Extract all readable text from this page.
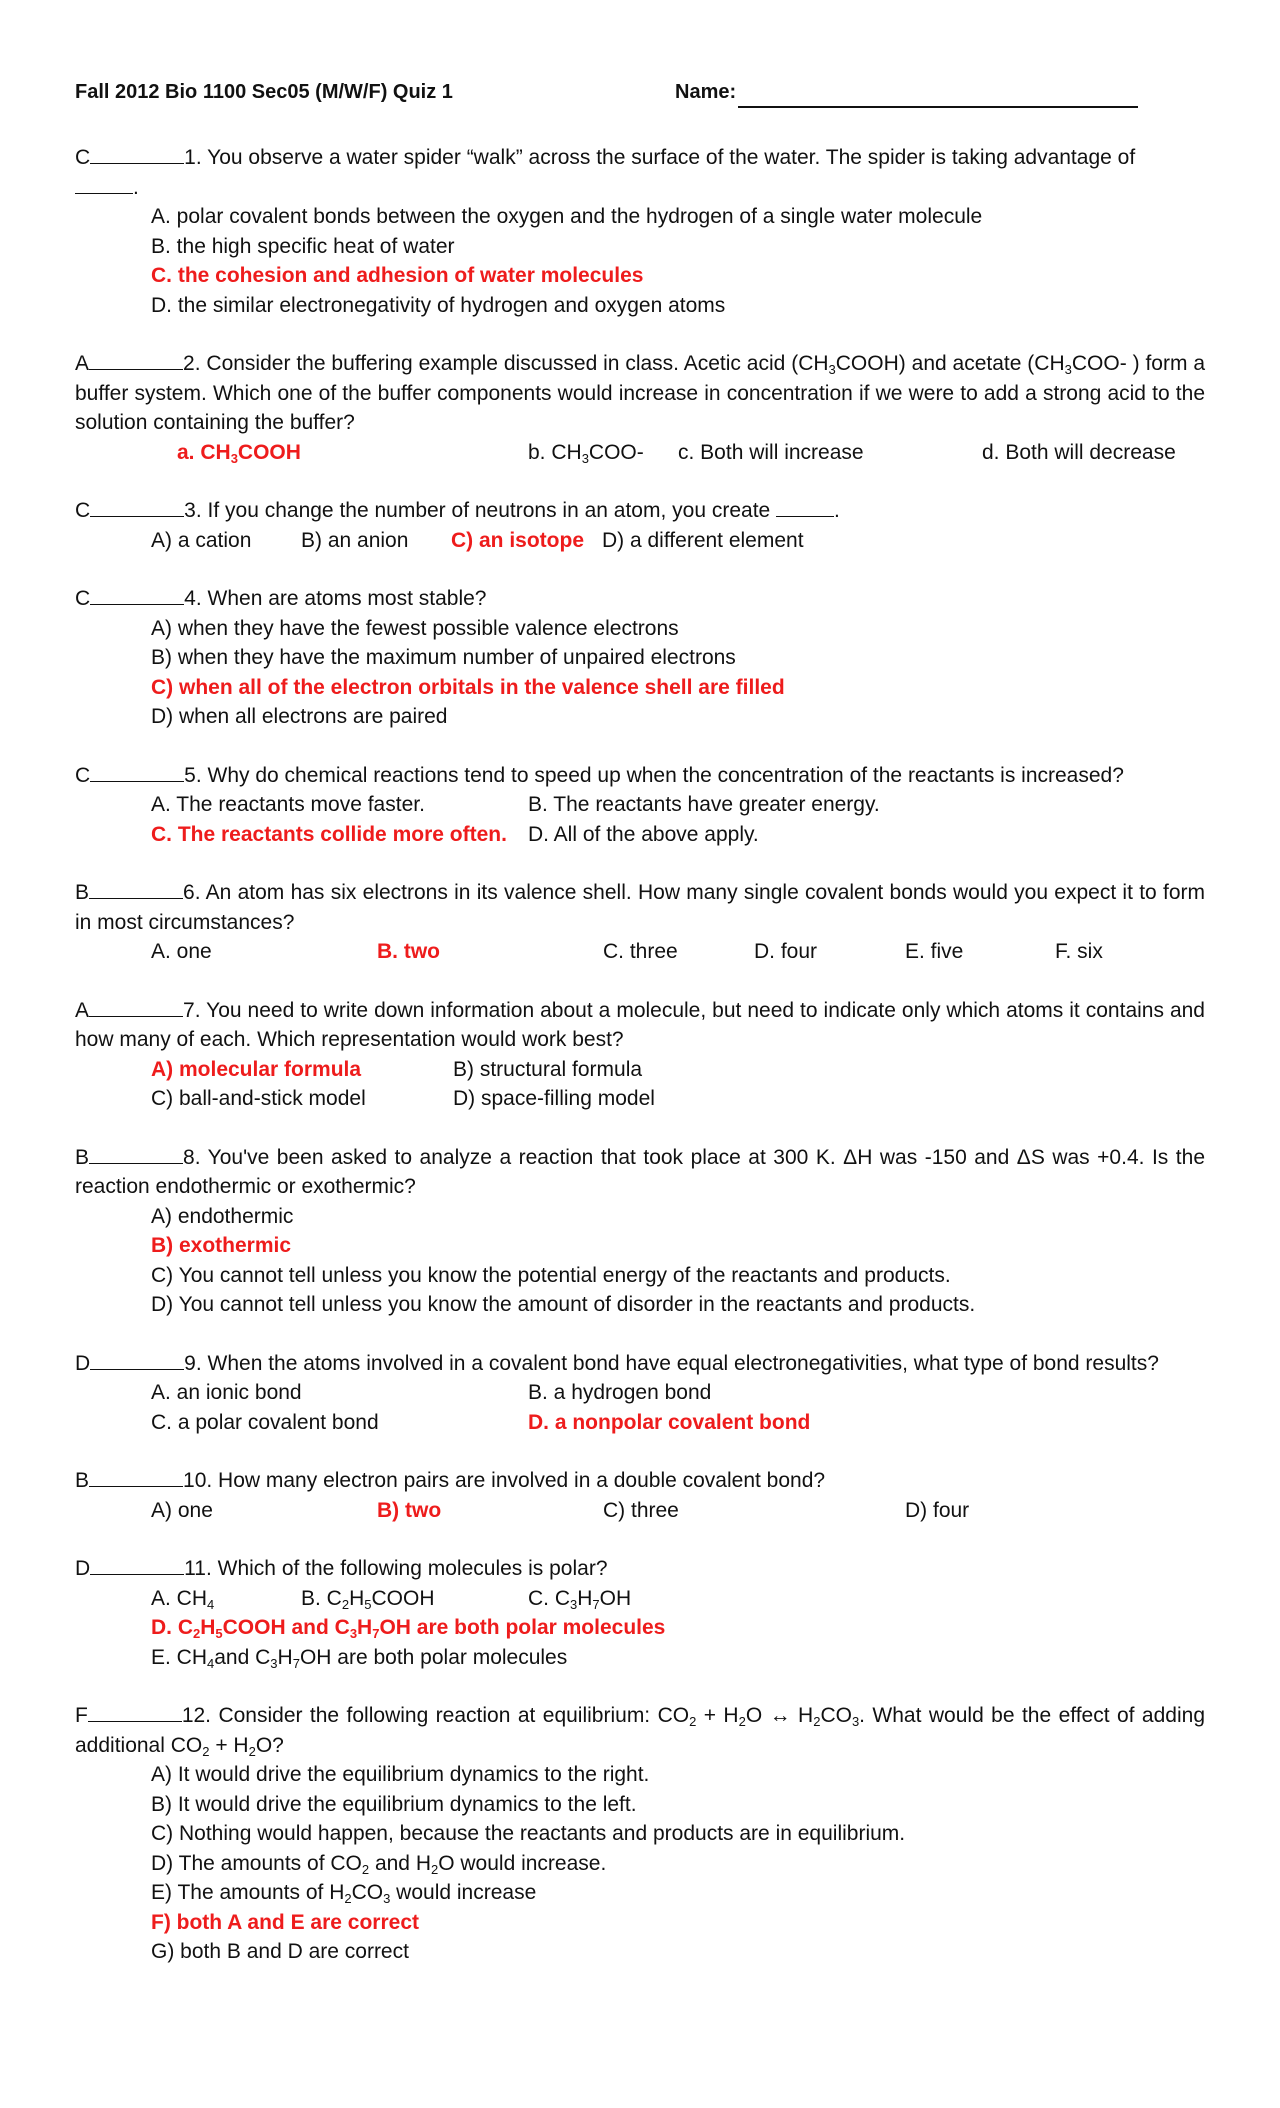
Fall 2012 Bio 1100 Sec05 (M/W/F) Quiz 1	Name:
C	1. You observe a water spider “walk” across the surface of the water. The spider is taking advantage of
.
A. polar covalent bonds between the oxygen and the hydrogen of a single water molecule
B. the high specific heat of water
C. the cohesion and adhesion of water molecules
D. the similar electronegativity of hydrogen and oxygen atoms
A	2. Consider the buffering example discussed in class. Acetic acid $(CH_3COOH)$ and acetate ($CH_3COO-$ ) form a buffer system. Which one of the buffer components would increase in concentration if we were to add a strong acid to the solution containing the buffer?
a. $CH_3COOH$	b. $CH_3COO-$ c. Both will increase	d. Both will decrease
C	3. If you change the number of neutrons in an atom, you create	.
A) a cation B) an anion C) an isotope D) a different element
C	4. When are atoms most stable?
A) when they have the fewest possible valence electrons
B) when they have the maximum number of unpaired electrons
C) when all of the electron orbitals in the valence shell are filled
D) when all electrons are paired
C	5. Why do chemical reactions tend to speed up when the concentration of the reactants is increased?
A. The reactants move faster.	B. The reactants have greater energy.
C. The reactants collide more often. D. All of the above apply.
B	6. An atom has six electrons in its valence shell. How many single covalent bonds would you expect it to form in most circumstances?
A. one	B. two	C. three	D. four	E. five	F. six
A	7. You need to write down information about a molecule, but need to indicate only which atoms it contains and how many of each. Which representation would work best?
A) molecular formula	B) structural formula
C) ball-and-stick model	D) space-filling model
B	8. You've been asked to analyze a reaction that took place at 300 K. ΔH was -150 and ΔS was +0.4. Is the reaction endothermic or exothermic?
A) endothermic
B) exothermic
C) You cannot tell unless you know the potential energy of the reactants and products.
D) You cannot tell unless you know the amount of disorder in the reactants and products.
D	9. When the atoms involved in a covalent bond have equal electronegativities, what type of bond results?
A. an ionic bond	B. a hydrogen bond
C. a polar covalent bond	D. a nonpolar covalent bond
B	10. How many electron pairs are involved in a double covalent bond?
A) one	B) two	C) three	D) four
D	11. Which of the following molecules is polar?
A. $CH_4$	B. $C_2H_5COOH$	C. $C_3H_7OH$
D. $C_2H_5COOH$ and $C_3H_7OH$ are both polar molecules
E. $CH_4and$ $C_3H_7OH$ are both polar molecules
F	12. Consider the following reaction at equilibrium: $CO_2 + H_2O$ ↔ $H_2CO_3$. What would be the effect of adding additional $CO_2 + H_2O$?
A) It would drive the equilibrium dynamics to the right.
B) It would drive the equilibrium dynamics to the left.
C) Nothing would happen, because the reactants and products are in equilibrium.
D) The amounts of $CO_2$ and $H_2O$ would increase.
E) The amounts of $H_2CO_3$ would increase
F) both A and E are correct
G) both B and D are correct
